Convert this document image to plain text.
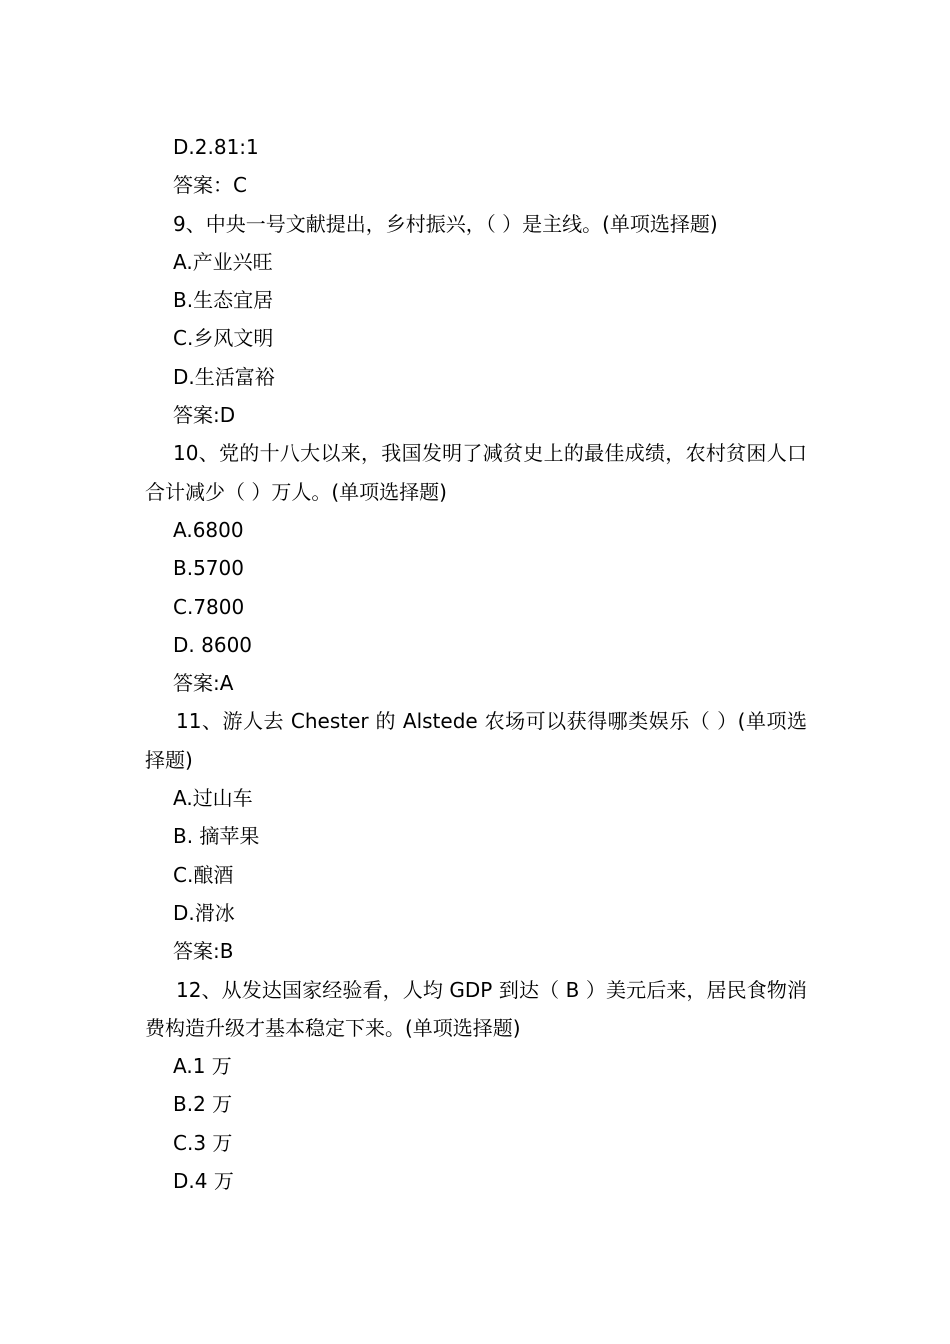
D.2.81:1
答案：C
9、中央一号文献提出，乡村振兴，（ ）是主线。(单项选择题)
A.产业兴旺
B.生态宜居
C.乡风文明
D.生活富裕
答案:D
10、党的十八大以来，我国发明了减贫史上的最佳成绩，农村贫困人口合计减少（ ）万人。(单项选择题)
A.6800
B.5700
C.7800
D. 8600
答案:A
11、游人去 Chester 的 Alstede 农场可以获得哪类娱乐（ ）(单项选择题)
A.过山车
B. 摘苹果
C.酿酒
D.滑冰
答案:B
12、从发达国家经验看，人均 GDP 到达（ B ）美元后来，居民食物消费构造升级才基本稳定下来。(单项选择题)
A.1 万
B.2 万
C.3 万
D.4 万
